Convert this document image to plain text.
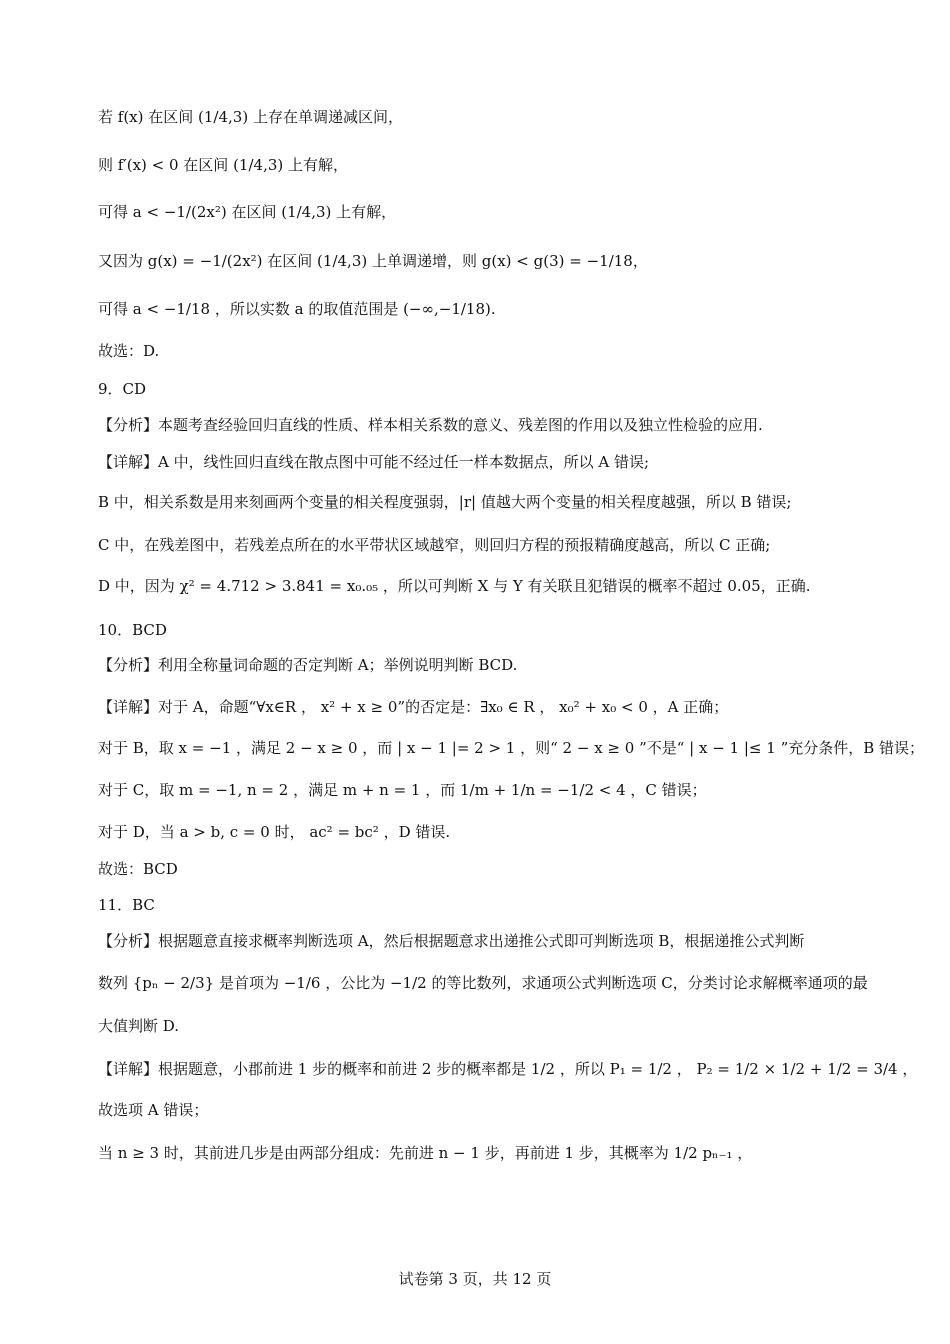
若 f(x) 在区间 (1/4,3) 上存在单调递减区间，
则 f′(x) < 0 在区间 (1/4,3) 上有解，
可得 a < −1/(2x²) 在区间 (1/4,3) 上有解，
又因为 g(x) = −1/(2x²) 在区间 (1/4,3) 上单调递增，则 g(x) < g(3) = −1/18，
可得 a < −1/18 ，所以实数 a 的取值范围是 (−∞,−1/18).
故选：D.
9．CD
【分析】本题考查经验回归直线的性质、样本相关系数的意义、残差图的作用以及独立性检验的应用.
【详解】A 中，线性回归直线在散点图中可能不经过任一样本数据点，所以 A 错误;
B 中，相关系数是用来刻画两个变量的相关程度强弱，|r| 值越大两个变量的相关程度越强，所以 B 错误;
C 中，在残差图中，若残差点所在的水平带状区域越窄，则回归方程的预报精确度越高，所以 C 正确;
D 中，因为 χ² = 4.712 > 3.841 = x₀.₀₅ ，所以可判断 X 与 Y 有关联且犯错误的概率不超过 0.05，正确.
10．BCD
【分析】利用全称量词命题的否定判断 A；举例说明判断 BCD.
【详解】对于 A，命题“∀x∈R ， x² + x ≥ 0”的否定是：∃x₀ ∈ R ， x₀² + x₀ < 0 ，A 正确；
对于 B，取 x = −1 ，满足 2 − x ≥ 0 ，而 | x − 1 |= 2 > 1 ，则“ 2 − x ≥ 0 ”不是“ | x − 1 |≤ 1 ”充分条件，B 错误；
对于 C，取 m = −1, n = 2 ，满足 m + n = 1 ，而 1/m + 1/n = −1/2 < 4 ，C 错误；
对于 D，当 a > b, c = 0 时， ac² = bc² ，D 错误.
故选：BCD
11．BC
【分析】根据题意直接求概率判断选项 A，然后根据题意求出递推公式即可判断选项 B，根据递推公式判断
数列 {pₙ − 2/3} 是首项为 −1/6 ，公比为 −1/2 的等比数列，求通项公式判断选项 C，分类讨论求解概率通项的最
大值判断 D.
【详解】根据题意，小郡前进 1 步的概率和前进 2 步的概率都是 1/2 ，所以 P₁ = 1/2 ， P₂ = 1/2 × 1/2 + 1/2 = 3/4 ，
故选项 A 错误；
当 n ≥ 3 时，其前进几步是由两部分组成：先前进 n − 1 步，再前进 1 步，其概率为 1/2 pₙ₋₁ ，
试卷第 3 页，共 12 页
